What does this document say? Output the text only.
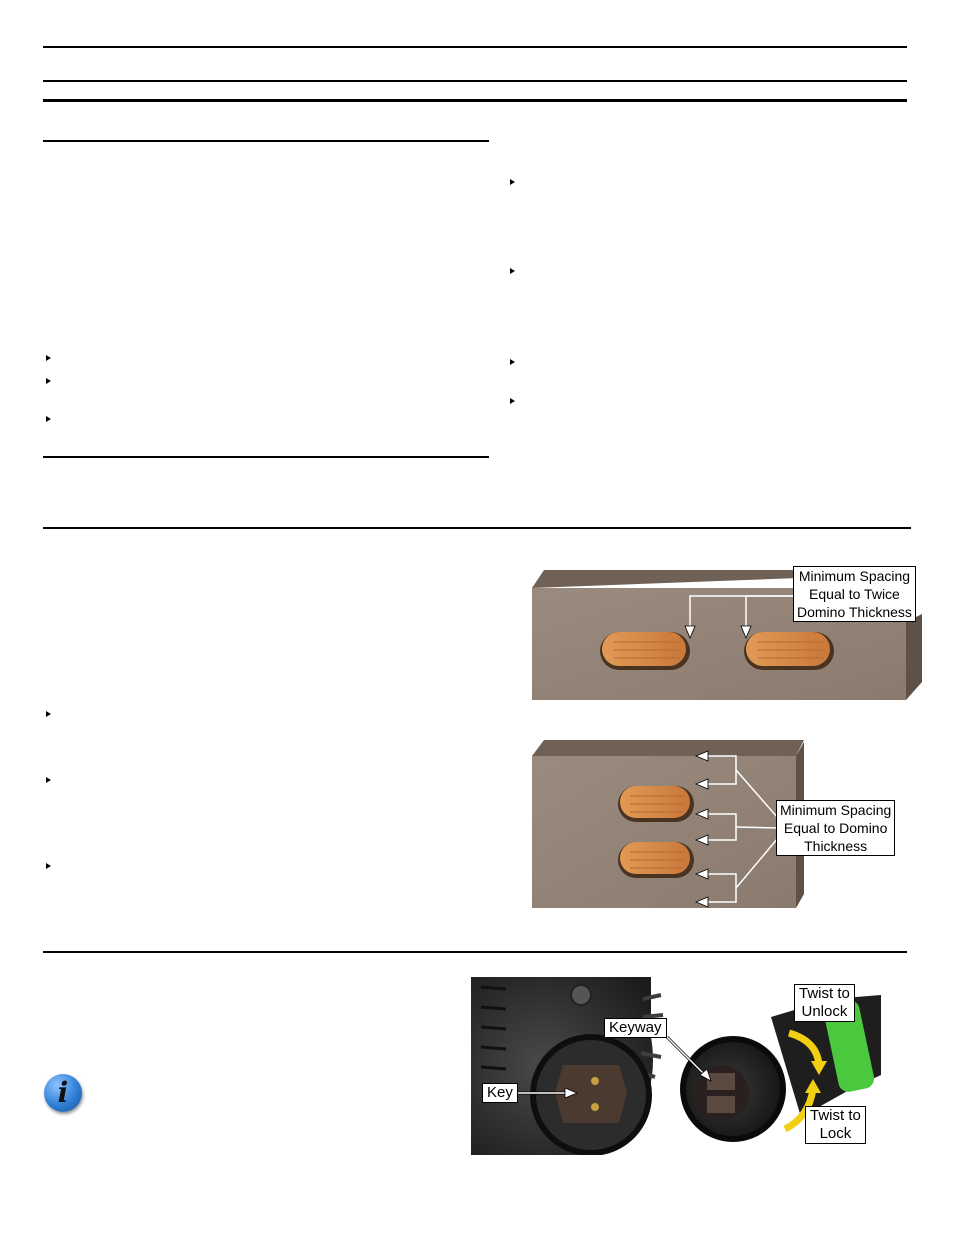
Minimum Spacing
Equal to Twice
Domino Thickness
Minimum Spacing
Equal to Domino
Thickness
i	Key
Keyway
Twist to
Unlock
Twist to
Lock
